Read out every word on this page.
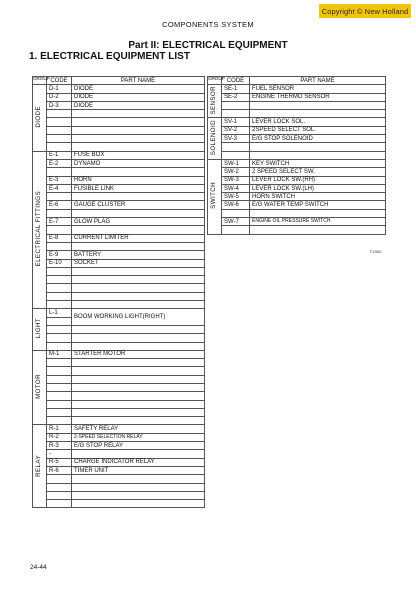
Copyright © New Holland
COMPONENTS SYSTEM
Part II: ELECTRICAL EQUIPMENT
1. ELECTRICAL EQUIPMENT LIST
GROUP	CODE	PART NAME
DIODE	D-1	DIODE
	D-2	DIODE
	D-3	DIODE

ELECTRICAL FITTINGS	E-1	FUSE BOX
	E-2	DYNAMO

	E-3	HORN
	E-4	FUSIBLE LINK

	E-6	GAUGE CLUSTER

	E-7	GLOW PLAG

	E-8	CURRENT LIMITER

	E-9	BATTERY
	E-10	SOCKET

LIGHT	L-1	BOOM WORKING LIGHT(RIGHT)

MOTOR	M-1	STARTER MOTOR

RELAY	R-1	SAFETY RELAY
	R-2	2-SPEED SELECTION RELAY
	R-3	E/G STOP RELAY
	-	
	R-5	CHARGE INDICATOR RELAY
	R-6	TIMER UNIT

GROUP	CODE	PART NAME
SENSOR	SE-1	FUEL SENSOR
	SE-2	ENGINE THERMO SENSOR

SOLENOID	SV-1	LEVER LOCK SOL.
	SV-2	2SPEED SELECT SOL.
	SV-3	E/G STOP SOLENOID

SWITCH	SW-1	KEY SWITCH
	SW-2	2 SPEED SELECT SW.
	SW-3	LEVER LOCK SW.(RH)
	SW-4	LEVER LOCK SW.(LH)
	SW-5	HORN SWITCH
	SW-6	E/G WATER TEMP SWITCH

	SW-7	ENGINE OIL PRESSURE SWITCH

F22861
24-44
